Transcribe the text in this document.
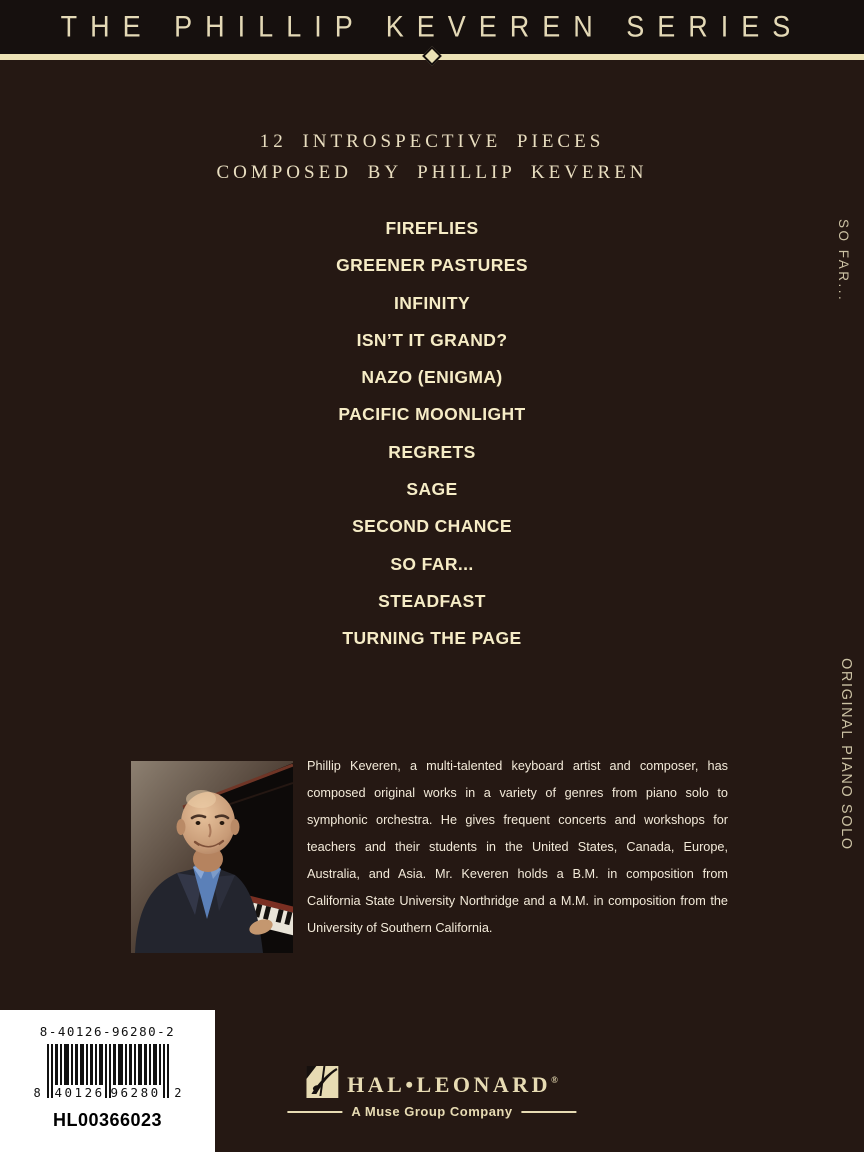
THE PHILLIP KEVEREN SERIES
12 INTROSPECTIVE PIECES
COMPOSED BY PHILLIP KEVEREN
FIREFLIES
GREENER PASTURES
INFINITY
ISN’T IT GRAND?
NAZO (ENIGMA)
PACIFIC MOONLIGHT
REGRETS
SAGE
SECOND CHANCE
SO FAR...
STEADFAST
TURNING THE PAGE
SO FAR...
ORIGINAL PIANO SOLO
Phillip Keveren, a multi-talented keyboard artist and composer, has composed original works in a variety of genres from piano solo to symphonic orchestra. He gives frequent concerts and workshops for teachers and their students in the United States, Canada, Europe, Australia, and Asia. Mr. Keveren holds a B.M. in composition from California State University Northridge and a M.M. in composition from the University of Southern California.
8-40126-96280-2
8 40126 96280 2
HL00366023
HAL•LEONARD®
A Muse Group Company
